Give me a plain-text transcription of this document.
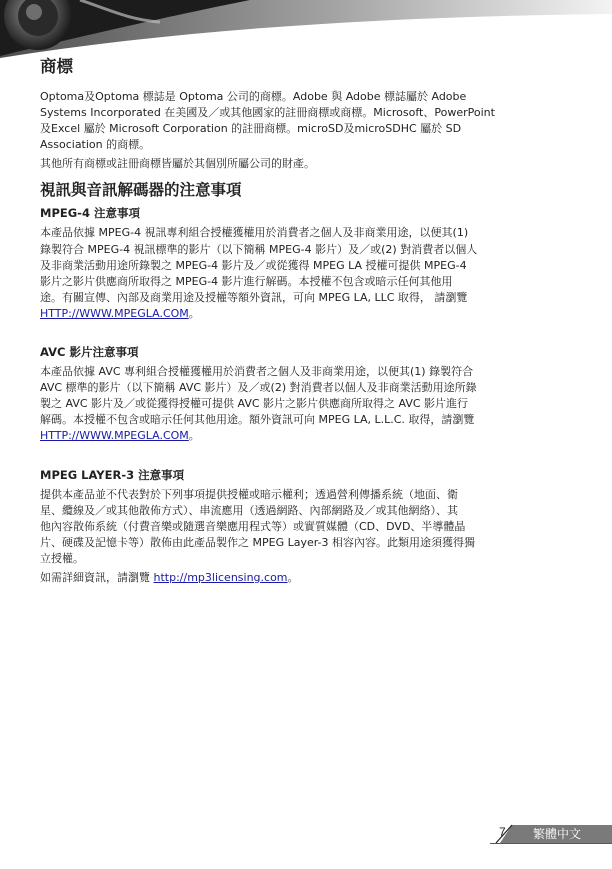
商標

Optoma及Optoma 標誌是 Optoma 公司的商標。Adobe 與 Adobe 標誌屬於 Adobe
Systems Incorporated 在美國及／或其他國家的註冊商標或商標。Microsoft、PowerPoint
及Excel 屬於 Microsoft Corporation 的註冊商標。microSD及microSDHC 屬於 SD
Association 的商標。

其他所有商標或註冊商標皆屬於其個別所屬公司的財產。

視訊與音訊解碼器的注意事項
MPEG-4 注意事項

本產品依據 MPEG-4 視訊專利組合授權獲權用於消費者之個人及非商業用途，以便其(1)
錄製符合 MPEG-4 視訊標準的影片（以下簡稱 MPEG-4 影片）及／或(2) 對消費者以個人
及非商業活動用途所錄製之 MPEG-4 影片及／或從獲得 MPEG LA 授權可提供 MPEG-4
影片之影片供應商所取得之 MPEG-4 影片進行解碼。本授權不包含或暗示任何其他用
途。有關宣傳、內部及商業用途及授權等額外資訊，可向 MPEG LA, LLC 取得， 請瀏覽
HTTP://WWW.MPEGLA.COM。

AVC 影片注意事項

本產品依據 AVC 專利組合授權獲權用於消費者之個人及非商業用途，以便其(1) 錄製符合
AVC 標準的影片（以下簡稱 AVC 影片）及／或(2) 對消費者以個人及非商業活動用途所錄
製之 AVC 影片及／或從獲得授權可提供 AVC 影片之影片供應商所取得之 AVC 影片進行
解碼。本授權不包含或暗示任何其他用途。額外資訊可向 MPEG LA, L.L.C. 取得，請瀏覽
HTTP://WWW.MPEGLA.COM。

MPEG LAYER-3 注意事項

提供本產品並不代表對於下列事項提供授權或暗示權利；透過營利傳播系統（地面、衛
星、纜線及／或其他散佈方式）、串流應用（透過網路、內部網路及／或其他網絡）、其
他內容散佈系統（付費音樂或隨選音樂應用程式等）或實質媒體（CD、DVD、半導體晶
片、硬碟及記憶卡等）散佈由此產品製作之 MPEG Layer-3 相容內容。此類用途須獲得獨
立授權。

如需詳細資訊，請瀏覽 http://mp3licensing.com。

7 繁體中文
